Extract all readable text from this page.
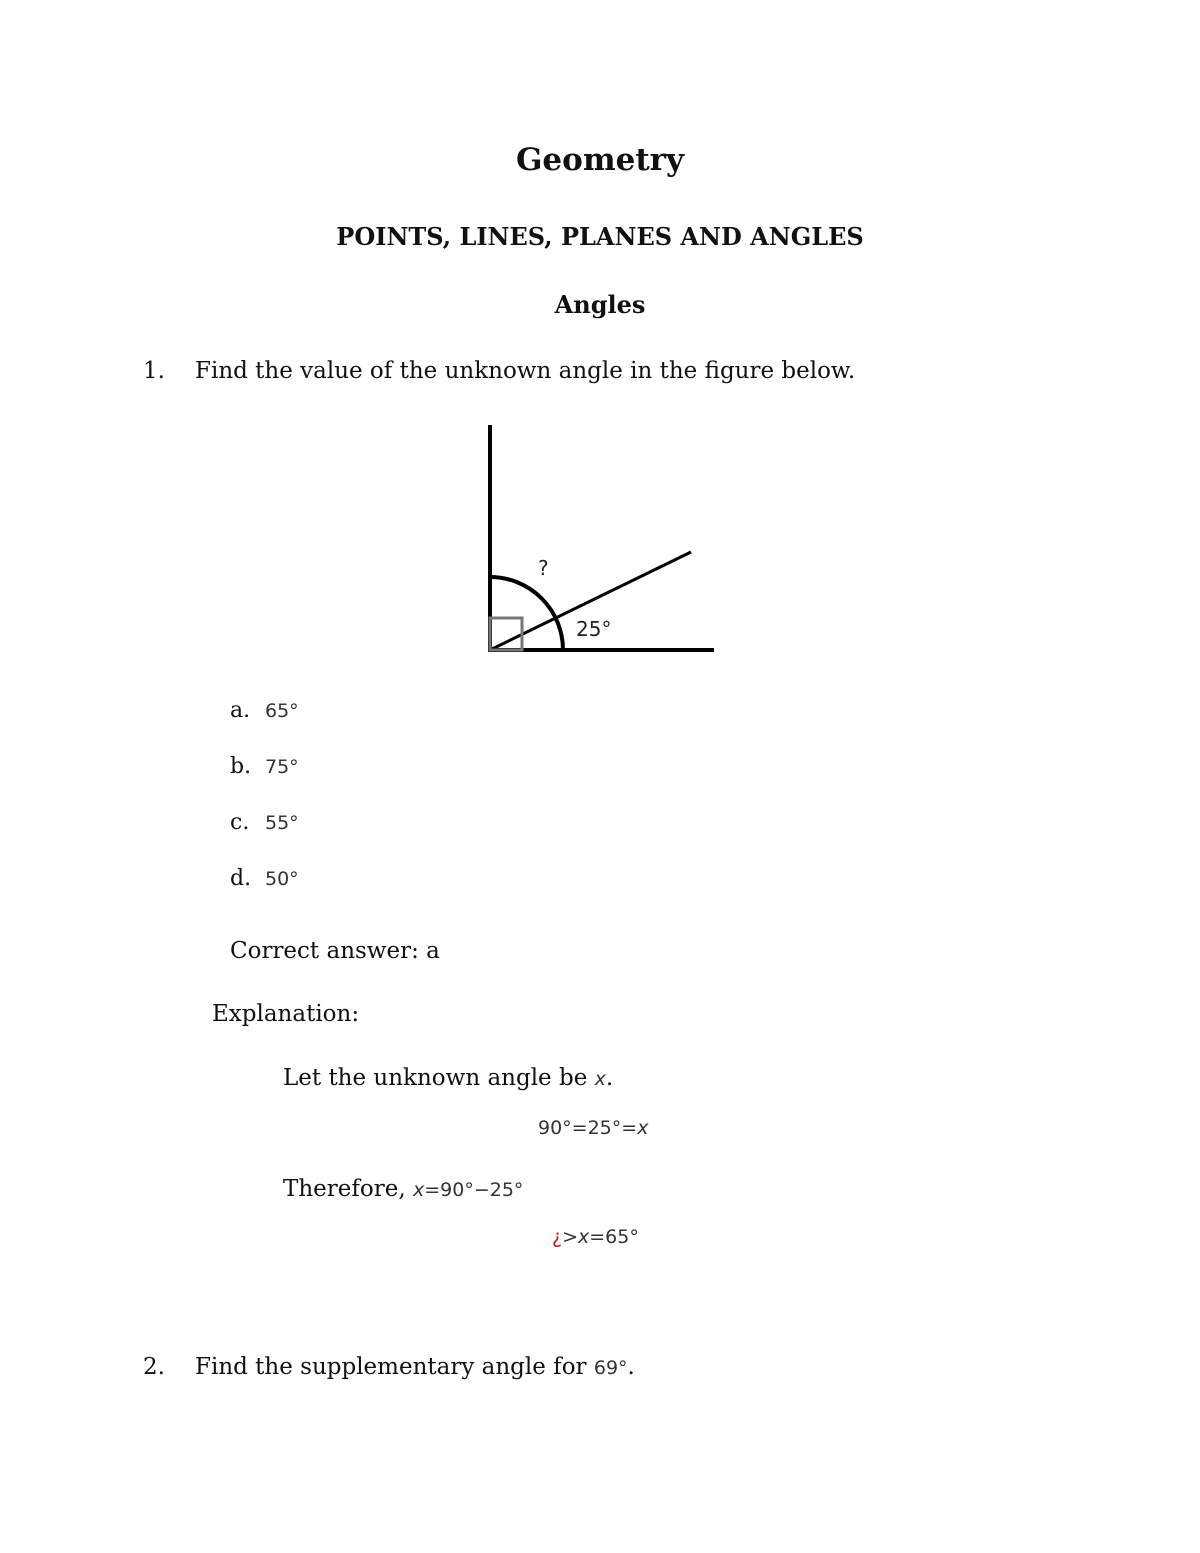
Geometry
POINTS, LINES, PLANES AND ANGLES
Angles
1. Find the value of the unknown angle in the figure below.
?
25°
a. 65°
b. 75°
c. 55°
d. 50°
Correct answer: a
Explanation:
Let the unknown angle be x.
90°=25°=x
Therefore, x=90°−25°
¿>x=65°
2. Find the supplementary angle for 69°.
